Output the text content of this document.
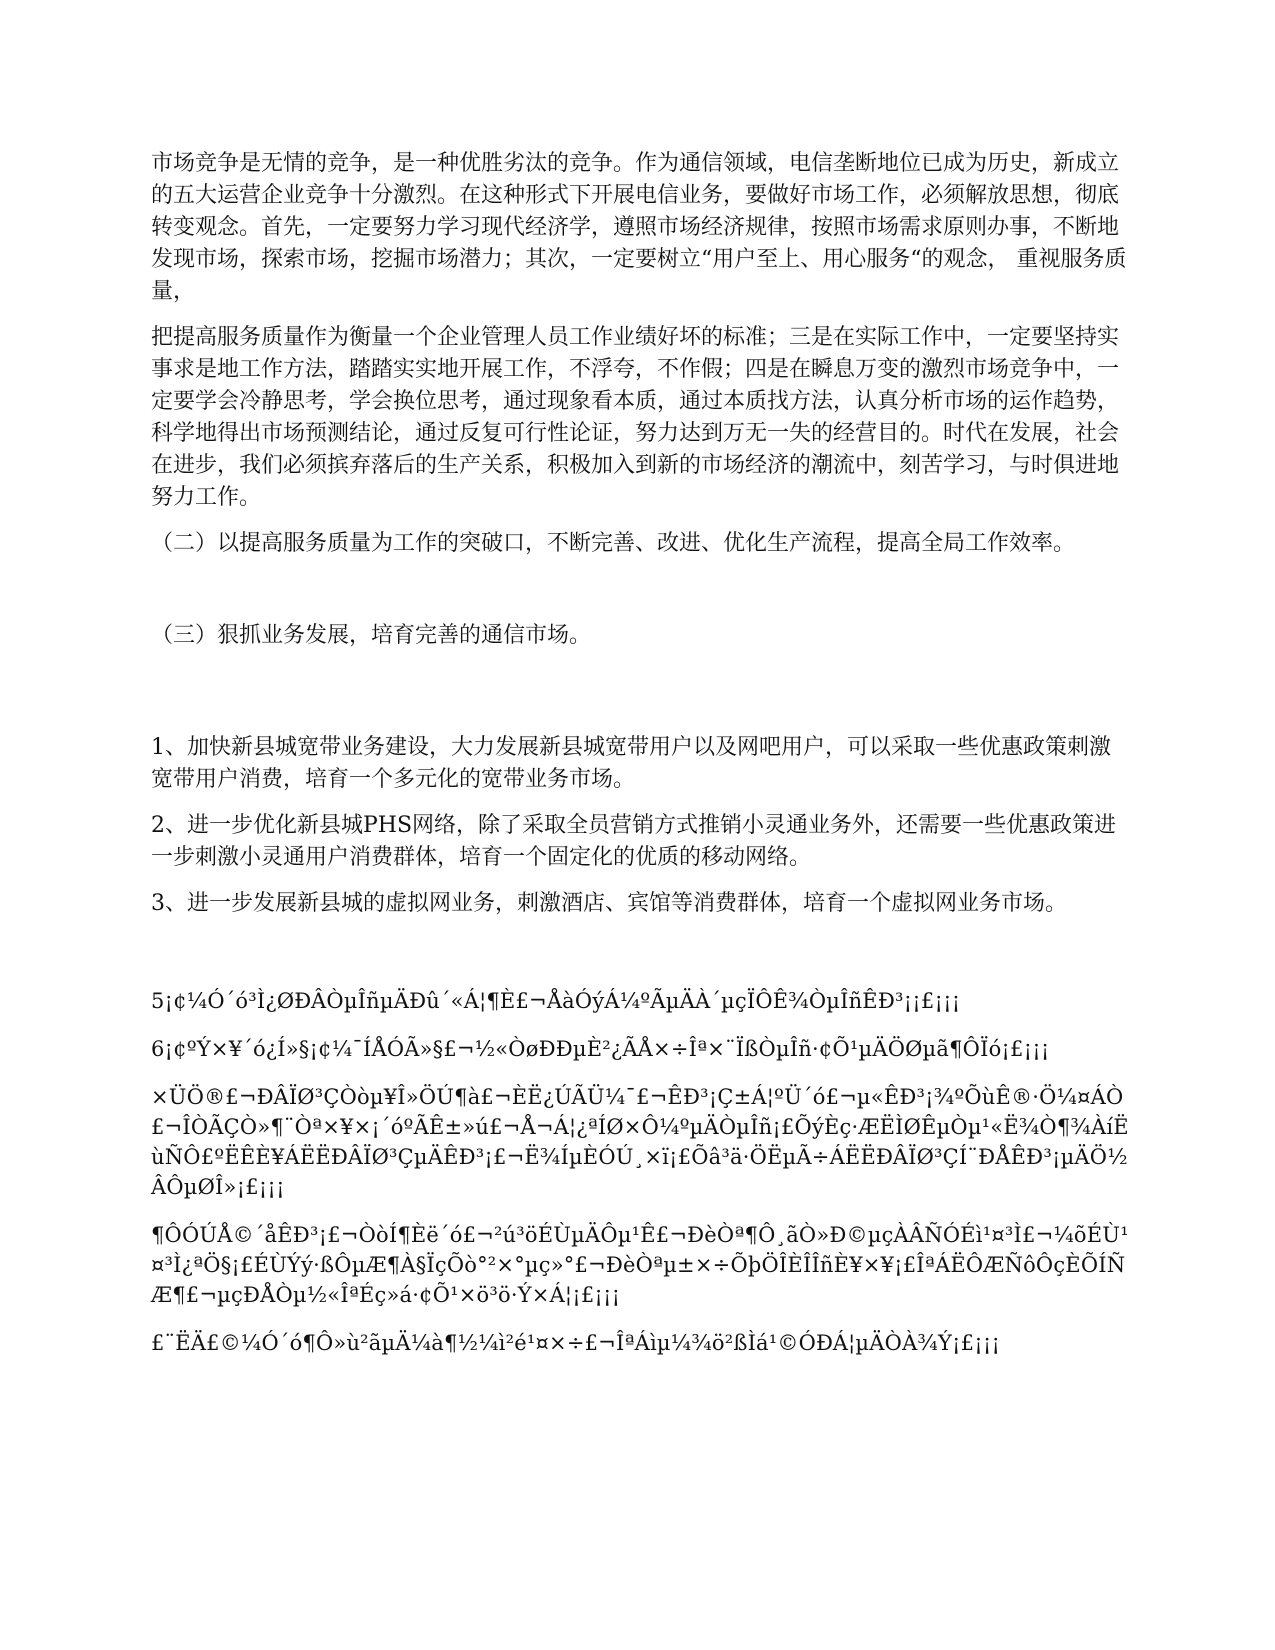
市场竞争是无情的竞争，是一种优胜劣汰的竞争。作为通信领域，电信垄断地位已成为历史，新成立的五大运营企业竞争十分激烈。在这种形式下开展电信业务，要做好市场工作，必须解放思想，彻底转变观念。首先，一定要努力学习现代经济学，遵照市场经济规律，按照市场需求原则办事，不断地发现市场，探索市场，挖掘市场潜力；其次，一定要树立“用户至上、用心服务“的观念， 重视服务质量，

把提高服务质量作为衡量一个企业管理人员工作业绩好坏的标准；三是在实际工作中，一定要坚持实事求是地工作方法，踏踏实实地开展工作，不浮夸，不作假；四是在瞬息万变的激烈市场竞争中，一定要学会冷静思考，学会换位思考，通过现象看本质，通过本质找方法，认真分析市场的运作趋势，科学地得出市场预测结论，通过反复可行性论证，努力达到万无一失的经营目的。时代在发展，社会在进步，我们必须摈弃落后的生产关系，积极加入到新的市场经济的潮流中，刻苦学习，与时俱进地努力工作。

（二）以提高服务质量为工作的突破口，不断完善、改进、优化生产流程，提高全局工作效率。

（三）狠抓业务发展，培育完善的通信市场。

1、加快新县城宽带业务建设，大力发展新县城宽带用户以及网吧用户，可以采取一些优惠政策刺激宽带用户消费，培育一个多元化的宽带业务市场。

2、进一步优化新县城PHS网络，除了采取全员营销方式推销小灵通业务外，还需要一些优惠政策进一步刺激小灵通用户消费群体，培育一个固定化的优质的移动网络。

3、进一步发展新县城的虚拟网业务，刺激酒店、宾馆等消费群体，培育一个虚拟网业务市场。

5¡¢¼Ó´ó³Ì¿ØÐÂÒµÎñµÄÐû´«Á¦¶È£¬ÅàÓýÁ¼ºÃµÄÀ´µçÏÔÊ¾ÒµÎñÊÐ³¡¡£¡¡¡

6¡¢ºÝ×¥´ó¿Í»§¡¢¼¯ÍÅÓÃ»§£¬½«ÒøÐÐµÈ²¿ÃÅ×÷Îª×¨ÏßÒµÎñ·¢Õ¹µÄÖØµã¶ÔÏó¡£¡¡¡

×ÜÖ®£¬ÐÂÏØ³ÇÒòµ¥Î»ÖÚ¶à£¬ÈË¿ÚÃÜ¼¯£¬ÊÐ³¡Ç±Á¦ºÜ´ó£¬µ«ÊÐ³¡¾ºÕùÊ®·Ö¼¤ÁÒ£¬ÎÒÃÇÒ»¶¨Òª×¥×¡´óºÃÊ±»ú£¬Å¬Á¦¿ªÍØ×Ô¼ºµÄÒµÎñ¡£ÕýÈç·ÆËÌØÊµÒµ¹«Ë¾Ò¶¾ÀíËùÑÔ£ºËÊÈ¥ÁËËÐÂÏØ³ÇµÄÊÐ³¡£¬Ë¾ÍµÈÓÚ¸×ï¡£Õâ³ä·ÖËµÃ÷ÁËËÐÂÏØ³ÇÍ¨ÐÅÊÐ³¡µÄÖ½ÂÔµØÎ»¡£¡¡¡

¶ÔÓÚÅ©´åÊÐ³¡£¬ÒòÍ¶Èë´ó£¬²ú³öÉÙµÄÔµ¹Ê£¬ÐèÒª¶Ô¸ãÒ»Ð©µçÀÂÑÓÉì¹¤³Ì£¬¼õÉÙ¹¤³Ì¿ªÖ§¡£ÉÙÝý·ßÔµÆ¶À§ÏçÕò°²×°µç»°£¬ÐèÒªµ±×÷ÕþÖÎÈÎÎñÈ¥×¥¡£ÎªÁËÔÆÑôÔçÈÕÍÑÆ¶£¬µçÐÅÒµ½«ÎªÉç»á·¢Õ¹×ö³ö·Ý×Á¦¡£¡¡¡

£¨ËÄ£©¼Ó´ó¶Ô»ù²ãµÄ¼à¶½¼ì²é¹¤×÷£¬ÎªÁìµ¼¾ö²ßÌá¹©ÓÐÁ¦µÄÒÀ¾Ý¡£¡¡¡
